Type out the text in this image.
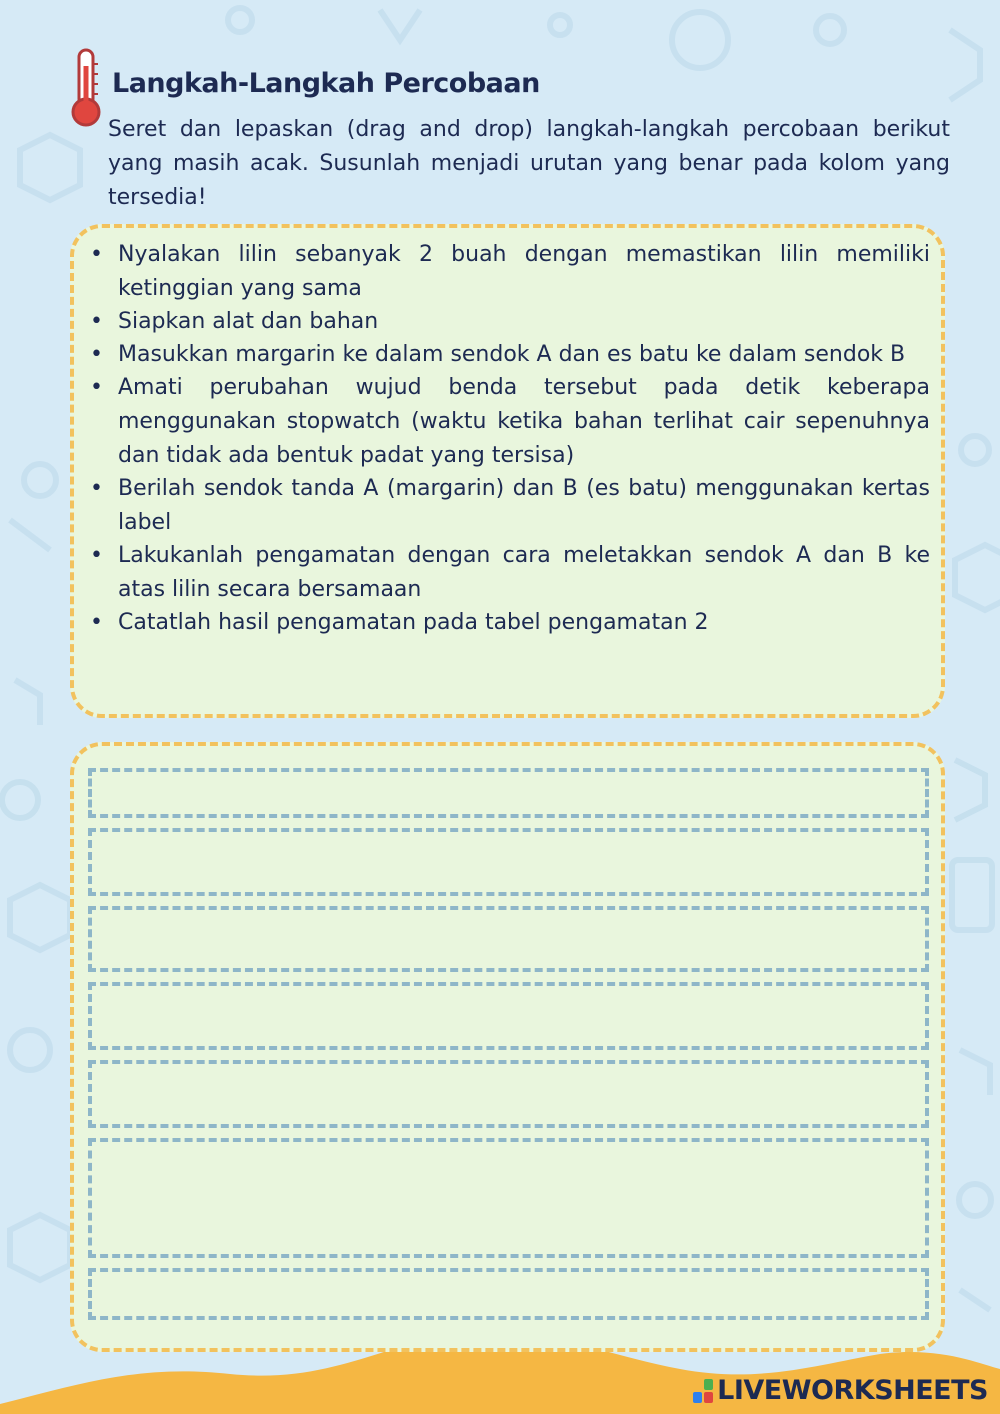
Langkah-Langkah Percobaan
Seret dan lepaskan (drag and drop) langkah-langkah percobaan berikut yang masih acak. Susunlah menjadi urutan yang benar pada kolom yang tersedia!
• Nyalakan lilin sebanyak 2 buah dengan memastikan lilin memiliki ketinggian yang sama
• Siapkan alat dan bahan
• Masukkan margarin ke dalam sendok A dan es batu ke dalam sendok B
• Amati perubahan wujud benda tersebut pada detik keberapa menggunakan stopwatch (waktu ketika bahan terlihat cair sepenuhnya dan tidak ada bentuk padat yang tersisa)
• Berilah sendok tanda A (margarin) dan B (es batu) menggunakan kertas label
• Lakukanlah pengamatan dengan cara meletakkan sendok A dan B ke atas lilin secara bersamaan
• Catatlah hasil pengamatan pada tabel pengamatan 2
LIVEWORKSHEETS
